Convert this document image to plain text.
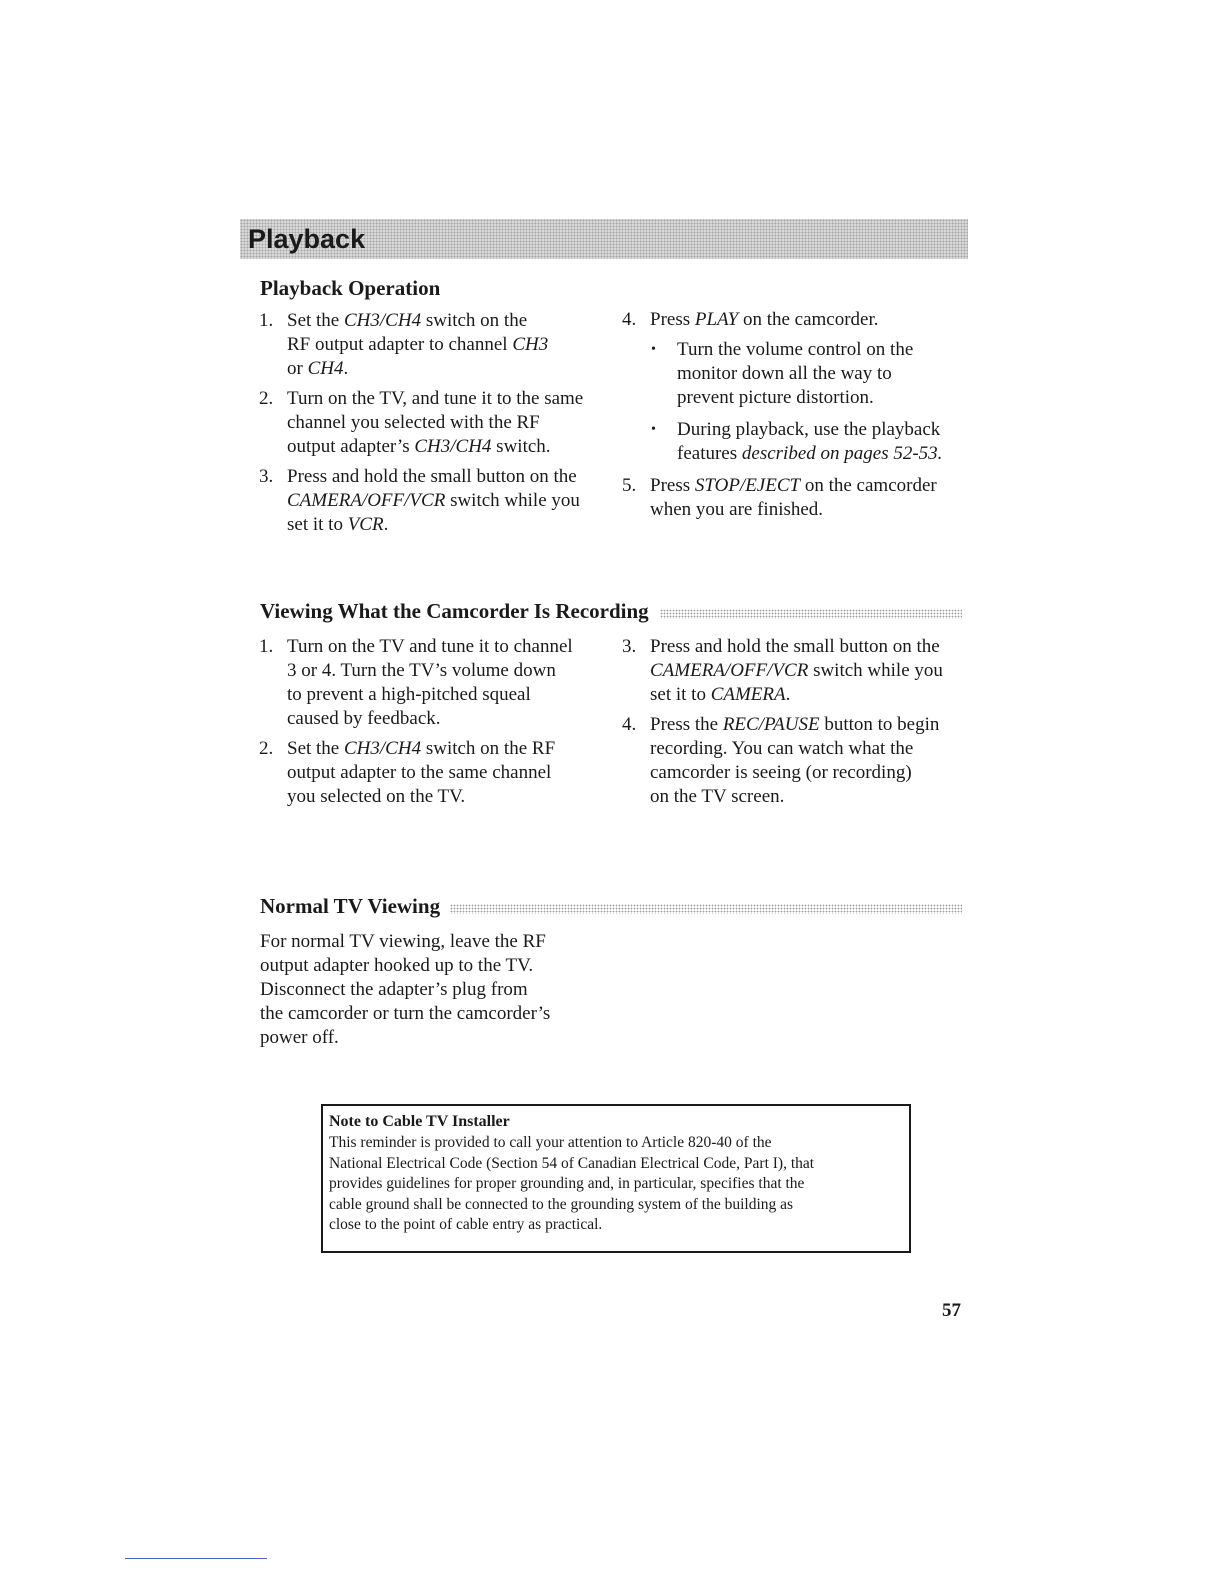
Playback
Playback Operation
1. Set the CH3/CH4 switch on the
RF output adapter to channel CH3
or CH4.
2. Turn on the TV, and tune it to the same
channel you selected with the RF
output adapter’s CH3/CH4 switch.
3. Press and hold the small button on the
CAMERA/OFF/VCR switch while you
set it to VCR.
4. Press PLAY on the camcorder.
• Turn the volume control on the
monitor down all the way to
prevent picture distortion.
• During playback, use the playback
features described on pages 52-53.
5. Press STOP/EJECT on the camcorder
when you are finished.
Viewing What the Camcorder Is Recording
1. Turn on the TV and tune it to channel
3 or 4. Turn the TV’s volume down
to prevent a high-pitched squeal
caused by feedback.
2. Set the CH3/CH4 switch on the RF
output adapter to the same channel
you selected on the TV.
3. Press and hold the small button on the
CAMERA/OFF/VCR switch while you
set it to CAMERA.
4. Press the REC/PAUSE button to begin
recording. You can watch what the
camcorder is seeing (or recording)
on the TV screen.
Normal TV Viewing
For normal TV viewing, leave the RF
output adapter hooked up to the TV.
Disconnect the adapter’s plug from
the camcorder or turn the camcorder’s
power off.
Note to Cable TV Installer
This reminder is provided to call your attention to Article 820-40 of the
National Electrical Code (Section 54 of Canadian Electrical Code, Part I), that
provides guidelines for proper grounding and, in particular, specifies that the
cable ground shall be connected to the grounding system of the building as
close to the point of cable entry as practical.
57
